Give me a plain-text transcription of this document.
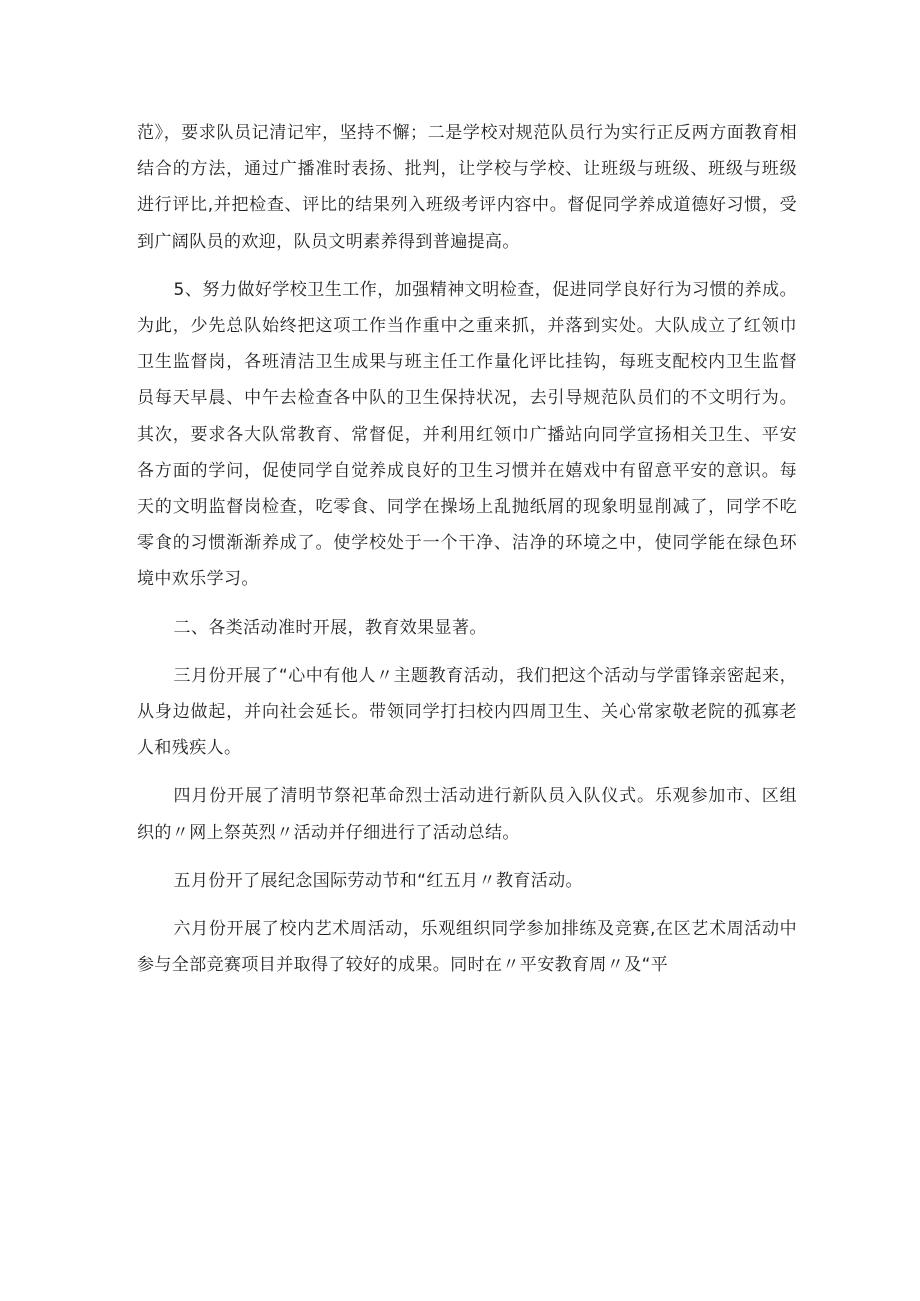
范》，要求队员记清记牢，坚持不懈；二是学校对规范队员行为实行正反两方面教育相结合的方法，通过广播准时表扬、批判，让学校与学校、让班级与班级、班级与班级进行评比,并把检查、评比的结果列入班级考评内容中。督促同学养成道德好习惯，受到广阔队员的欢迎，队员文明素养得到普遍提高。

5、努力做好学校卫生工作，加强精神文明检查，促进同学良好行为习惯的养成。为此，少先总队始终把这项工作当作重中之重来抓，并落到实处。大队成立了红领巾卫生监督岗，各班清洁卫生成果与班主任工作量化评比挂钩，每班支配校内卫生监督员每天早晨、中午去检查各中队的卫生保持状况，去引导规范队员们的不文明行为。其次，要求各大队常教育、常督促，并利用红领巾广播站向同学宣扬相关卫生、平安各方面的学问，促使同学自觉养成良好的卫生习惯并在嬉戏中有留意平安的意识。每天的文明监督岗检查，吃零食、同学在操场上乱抛纸屑的现象明显削减了，同学不吃零食的习惯渐渐养成了。使学校处于一个干净、洁净的环境之中，使同学能在绿色环境中欢乐学习。

二、各类活动准时开展，教育效果显著。

三月份开展了“心中有他人〃主题教育活动，我们把这个活动与学雷锋亲密起来，从身边做起，并向社会延长。带领同学打扫校内四周卫生、关心常家敬老院的孤寡老人和残疾人。

四月份开展了清明节祭祀革命烈士活动进行新队员入队仪式。乐观参加市、区组织的〃网上祭英烈〃活动并仔细进行了活动总结。

五月份开了展纪念国际劳动节和“红五月〃教育活动。

六月份开展了校内艺术周活动，乐观组织同学参加排练及竞赛,在区艺术周活动中参与全部竞赛项目并取得了较好的成果。同时在〃平安教育周〃及“平
